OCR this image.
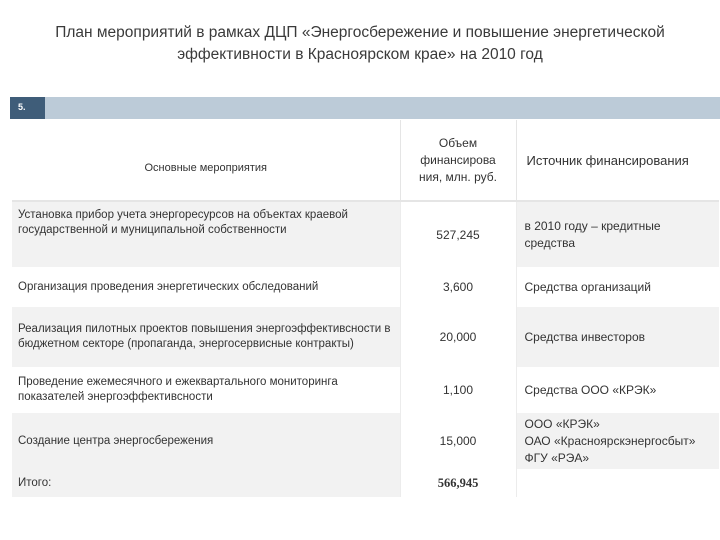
План мероприятий в рамках ДЦП «Энергосбережение и повышение энергетической
эффективности в Красноярском крае» на 2010 год
5.
Основные мероприятия	Объем
финансирова
ния, млн. руб.	Источник финансирования
Установка прибор учета энергоресурсов на объектах краевой государственной и муниципальной собственности	527,245	в 2010 году – кредитные
средства

Организация проведения энергетических обследований	3,600	Средства организаций

Реализация пилотных проектов повышения энергоэффективсности в бюджетном секторе (пропаганда, энергосервисные контракты)	20,000	Средства инвесторов

Проведение ежемесячного и ежеквартального мониторинга показателей энергоэффективсности	1,100	Средства ООО «КРЭК»

Создание центра энергосбережения	15,000	ООО «КРЭК»
ОАО «Красноярскэнергосбыт»
ФГУ «РЭА»

Итого:	566,945	
